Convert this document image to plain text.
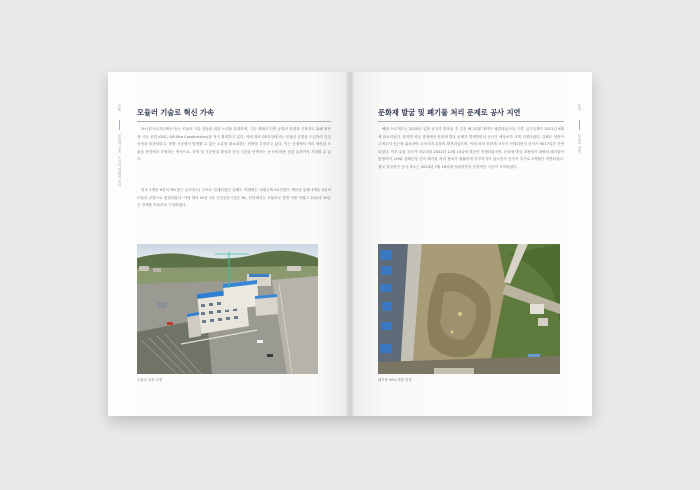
036
모듈러 건축, 도시의 미래를 짓다
모듈러 기술로 혁신 가속
LH (한국토지주택공사)는 모듈러 기술 향상을 위한 노력을 강화하며, 기존 재래식 건축 공법의 한계를 극복하고 위해 탈현장 시공 공법 (OSC, Off-Site Construction)을 적극 확대하고 있다. 이에 따라 GS건설에서는 모듈러 공법을 도입하여 건설 공정을 표준화하고, 현장 시공에서 발생할 수 있는 오류를 최소화하는 전략을 추진하고 있다. 이는 공정에서 미리 제작된 모듈을 현장에서 조립하는 방식으로, 자재 및 시공품질 향상과 공사 기간을 단축하는 동시에 비용 절감 효과까지 기대할 수 있다.
당초 2개동 6층의 RC(철근 콘크리트) 구조로 설계되었던 김해도 이래에는 나래주택 GS건설이 제안을 통해 3개동 4층의 모듈러 공법으로 변경되었다. 이에 따라 20동 1층 주민공동시설은 RC, 단지에서는 모듈러로 혼합 적용 하였고 20동과 20동은 전체를 모듈러로 구성하였다.
모듈러 설치 전경
문화재 발굴 및 폐기물 처리 문제로 공사 지연
037
모듈러 건축
해당 프로젝트는 2020년 입찰 공고가 발표된 후 같은 해 12월 계약이 체결되었으며, 이후 실시설계가 2021년 6월에 완료되었다. 하지만 착공 과정에서 문화재 발굴 문제가 발생하면서 공사가 예상보다 크게 지연되었다. 김해도 현장이 고려궁지 인근에 위치하여 고려시대 유물의 발견되었으며, 이에 따라 문화재 조사가 진행되면서 공사가 9017일간 지연되었다. 이후 유물 조사가 마무리된 2022년 12월 10일에 착공이 진행되었지만, 문화재 발굴 과정에서 대량의 폐기물이 발생하여, LH와 김해군청 간의 폐기물 처리 협의가 원활하게 이루어지지 않으면서 공사가 추가로 2개월간 지연되었다. 결국 실질적인 공사 착수는 2023년 7월 16일에 이뤄지면서 본격적인 시공이 시작되었다.
폐기물 90% 반출 전경
